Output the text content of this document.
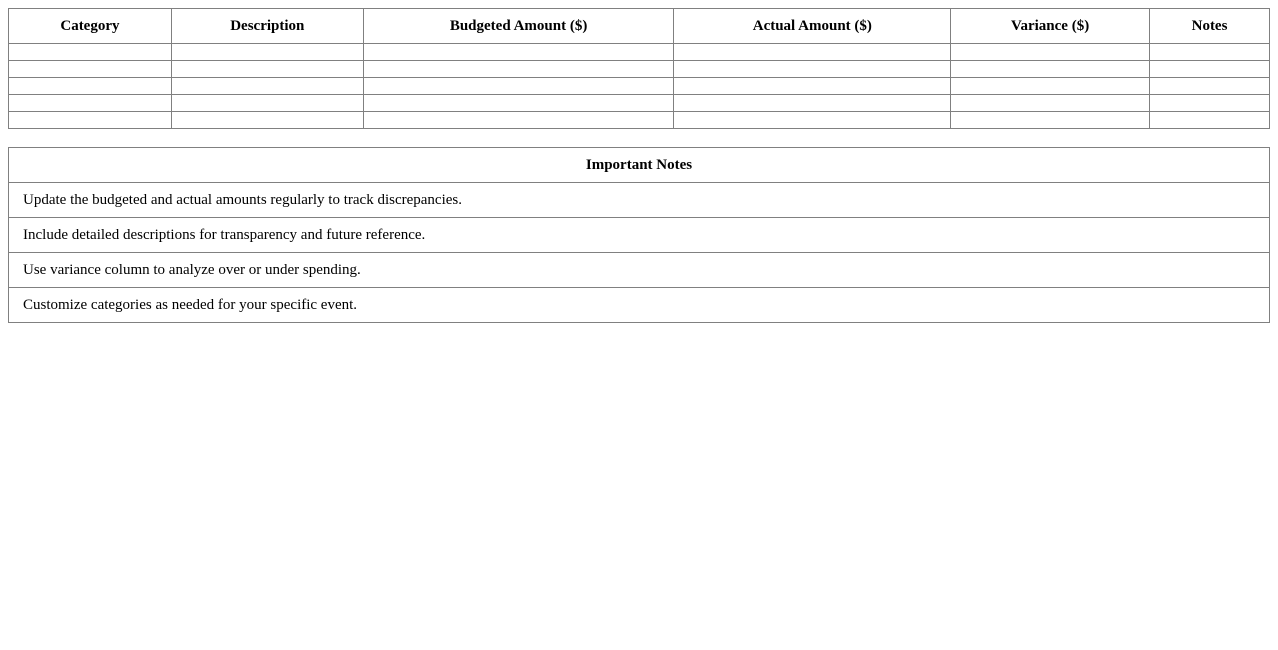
Category	Description	Budgeted Amount ($)	Actual Amount ($)	Variance ($)	Notes

Important Notes
Update the budgeted and actual amounts regularly to track discrepancies.
Include detailed descriptions for transparency and future reference.
Use variance column to analyze over or under spending.
Customize categories as needed for your specific event.
